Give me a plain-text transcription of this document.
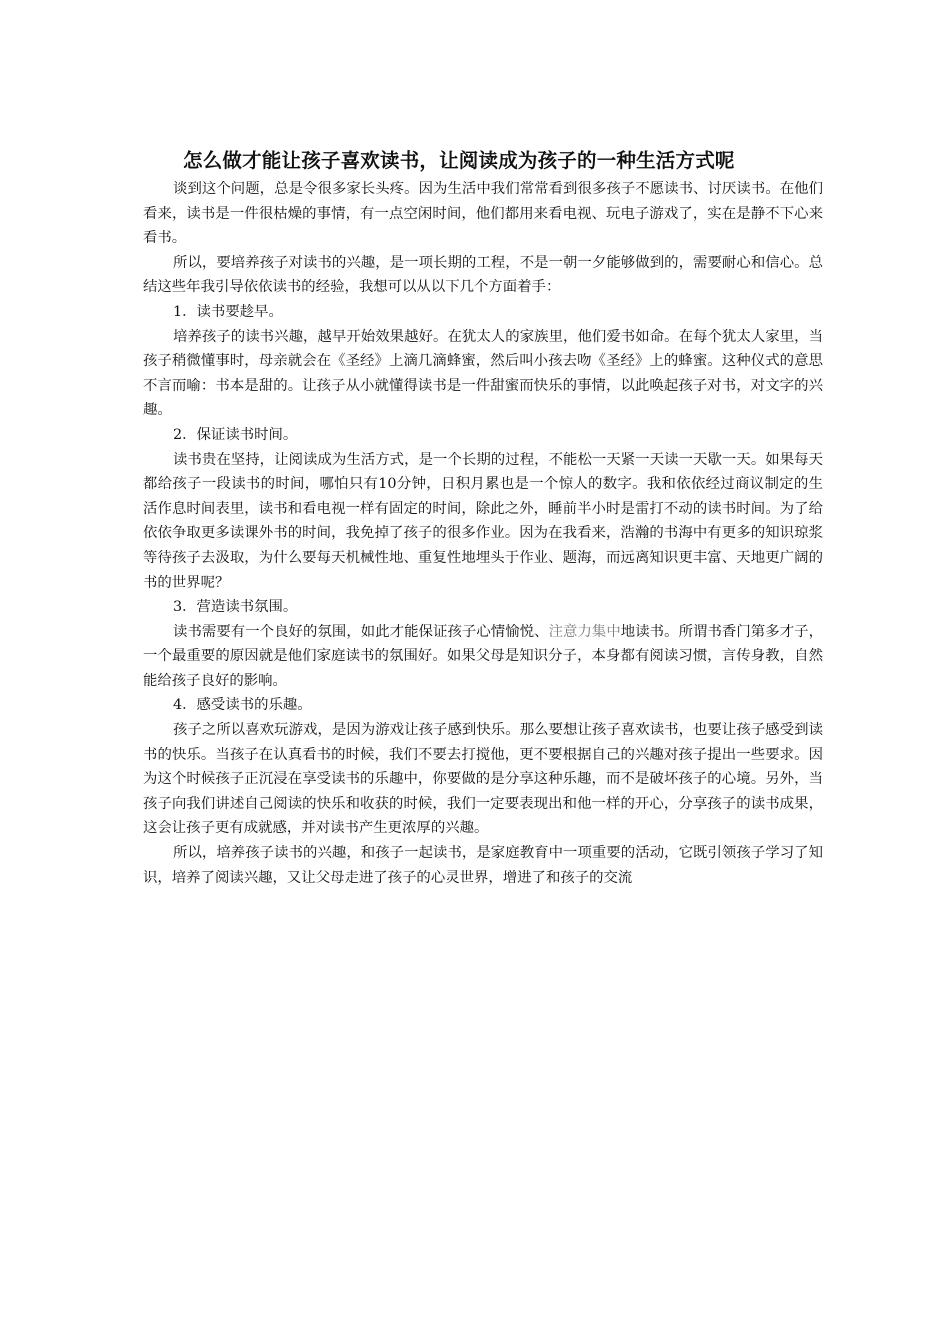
怎么做才能让孩子喜欢读书，让阅读成为孩子的一种生活方式呢

谈到这个问题，总是令很多家长头疼。因为生活中我们常常看到很多孩子不愿读书、讨厌读书。在他们看来，读书是一件很枯燥的事情，有一点空闲时间，他们都用来看电视、玩电子游戏了，实在是静不下心来看书。

所以，要培养孩子对读书的兴趣，是一项长期的工程，不是一朝一夕能够做到的，需要耐心和信心。总结这些年我引导依依读书的经验，我想可以从以下几个方面着手：

1．读书要趁早。

培养孩子的读书兴趣，越早开始效果越好。在犹太人的家族里，他们爱书如命。在每个犹太人家里，当孩子稍微懂事时，母亲就会在《圣经》上滴几滴蜂蜜，然后叫小孩去吻《圣经》上的蜂蜜。这种仪式的意思不言而喻：书本是甜的。让孩子从小就懂得读书是一件甜蜜而快乐的事情，以此唤起孩子对书，对文字的兴趣。

2．保证读书时间。

读书贵在坚持，让阅读成为生活方式，是一个长期的过程，不能松一天紧一天读一天歇一天。如果每天都给孩子一段读书的时间，哪怕只有10分钟，日积月累也是一个惊人的数字。我和依依经过商议制定的生活作息时间表里，读书和看电视一样有固定的时间，除此之外，睡前半小时是雷打不动的读书时间。为了给依依争取更多读课外书的时间，我免掉了孩子的很多作业。因为在我看来，浩瀚的书海中有更多的知识琼浆等待孩子去汲取，为什么要每天机械性地、重复性地埋头于作业、题海，而远离知识更丰富、天地更广阔的书的世界呢？

3．营造读书氛围。

读书需要有一个良好的氛围，如此才能保证孩子心情愉悦、注意力集中地读书。所谓书香门第多才子，一个最重要的原因就是他们家庭读书的氛围好。如果父母是知识分子，本身都有阅读习惯，言传身教，自然能给孩子良好的影响。

4．感受读书的乐趣。

孩子之所以喜欢玩游戏，是因为游戏让孩子感到快乐。那么要想让孩子喜欢读书，也要让孩子感受到读书的快乐。当孩子在认真看书的时候，我们不要去打搅他，更不要根据自己的兴趣对孩子提出一些要求。因为这个时候孩子正沉浸在享受读书的乐趣中，你要做的是分享这种乐趣，而不是破坏孩子的心境。另外，当孩子向我们讲述自己阅读的快乐和收获的时候，我们一定要表现出和他一样的开心，分享孩子的读书成果，这会让孩子更有成就感，并对读书产生更浓厚的兴趣。

所以，培养孩子读书的兴趣，和孩子一起读书，是家庭教育中一项重要的活动，它既引领孩子学习了知识，培养了阅读兴趣，又让父母走进了孩子的心灵世界，增进了和孩子的交流
